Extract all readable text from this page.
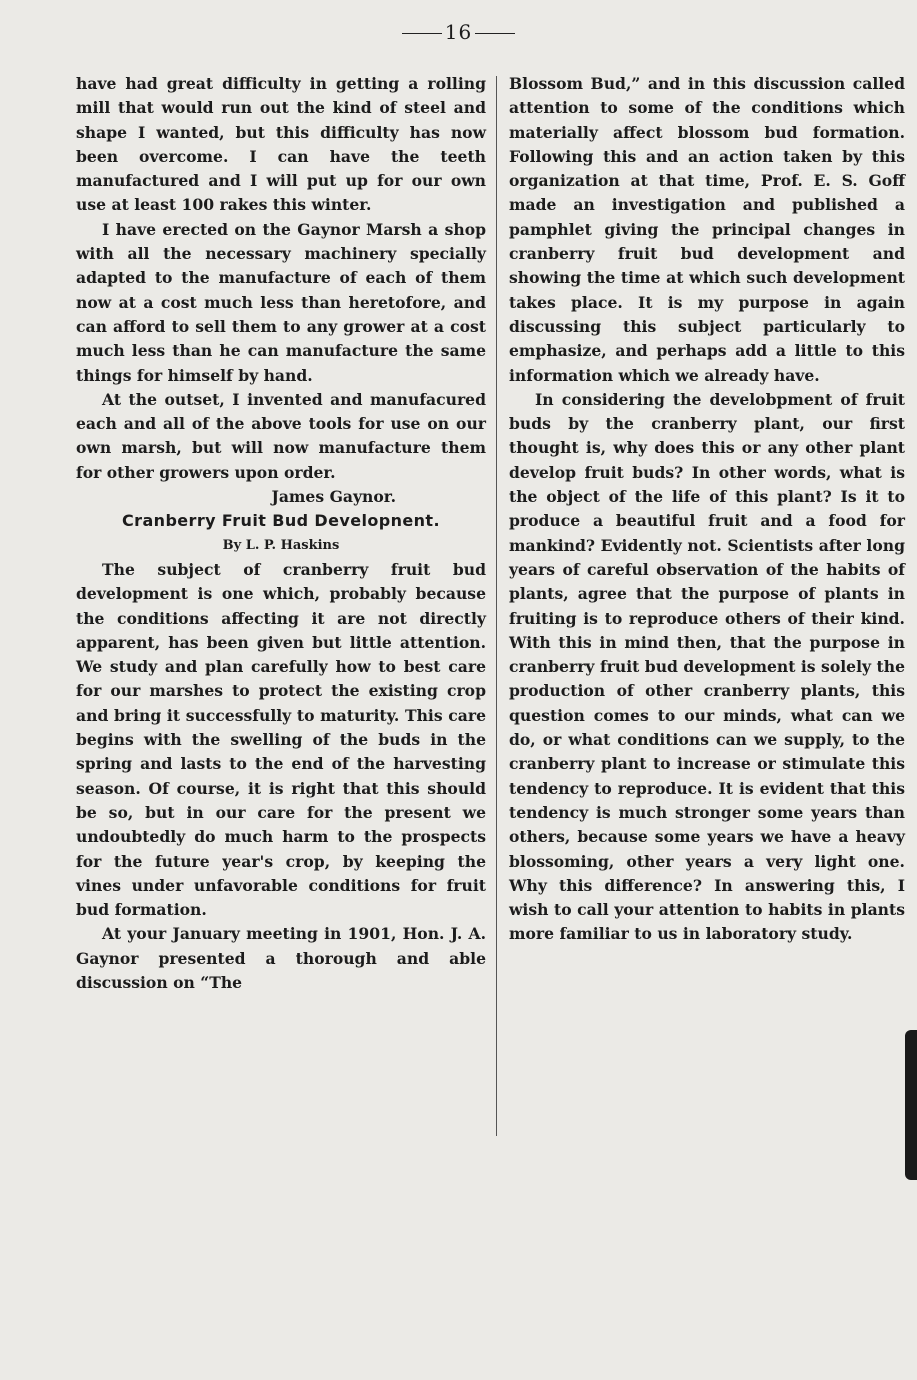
16

have had great difficulty in getting a rolling mill that would run out the kind of steel and shape I wanted, but this difficulty has now been overcome. I can have the teeth manufactured and I will put up for our own use at least 100 rakes this winter.

I have erected on the Gaynor Marsh a shop with all the necessary machinery specially adapted to the manufacture of each of them now at a cost much less than heretofore, and can afford to sell them to any grower at a cost much less than he can manufacture the same things for himself by hand.

At the outset, I invented and manufacured each and all of the above tools for use on our own marsh, but will now manufacture them for other growers upon order.

James Gaynor.

Cranberry Fruit Bud Developnent.

By L. P. Haskins

The subject of cranberry fruit bud development is one which, probably because the conditions affecting it are not directly apparent, has been given but little attention. We study and plan carefully how to best care for our marshes to protect the existing crop and bring it successfully to maturity. This care begins with the swelling of the buds in the spring and lasts to the end of the harvesting season. Of course, it is right that this should be so, but in our care for the present we undoubtedly do much harm to the prospects for the future year's crop, by keeping the vines under unfavorable conditions for fruit bud formation.

At your January meeting in 1901, Hon. J. A. Gaynor presented a thorough and able discussion on “The

Blossom Bud,” and in this discussion called attention to some of the conditions which materially affect blossom bud formation. Following this and an action taken by this organization at that time, Prof. E. S. Goff made an investigation and published a pamphlet giving the principal changes in cranberry fruit bud development and showing the time at which such development takes place. It is my purpose in again discussing this subject particularly to emphasize, and perhaps add a little to this information which we already have.

In considering the develobpment of fruit buds by the cranberry plant, our first thought is, why does this or any other plant develop fruit buds? In other words, what is the object of the life of this plant? Is it to produce a beautiful fruit and a food for mankind? Evidently not. Scientists after long years of careful observation of the habits of plants, agree that the purpose of plants in fruiting is to reproduce others of their kind. With this in mind then, that the purpose in cranberry fruit bud development is solely the production of other cranberry plants, this question comes to our minds, what can we do, or what conditions can we supply, to the cranberry plant to increase or stimulate this tendency to reproduce. It is evident that this tendency is much stronger some years than others, because some years we have a heavy blossoming, other years a very light one. Why this difference? In answering this, I wish to call your attention to habits in plants more familiar to us in laboratory study.
